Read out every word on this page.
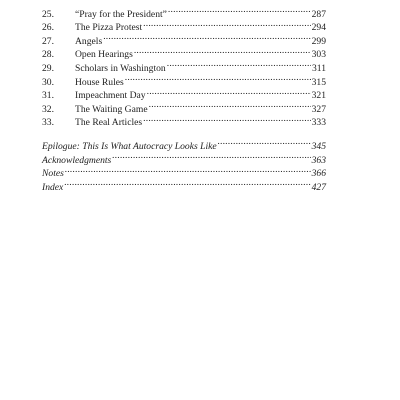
25.	“Pray for the President” .....	287
26.	The Pizza Protest .....	294
27.	Angels .....	299
28.	Open Hearings .....	303
29.	Scholars in Washington .....	311
30.	House Rules .....	315
31.	Impeachment Day .....	321
32.	The Waiting Game .....	327
33.	The Real Articles .....	333
Epilogue: This Is What Autocracy Looks Like .....	345
Acknowledgments .....	363
Notes .....	366
Index .....	427
